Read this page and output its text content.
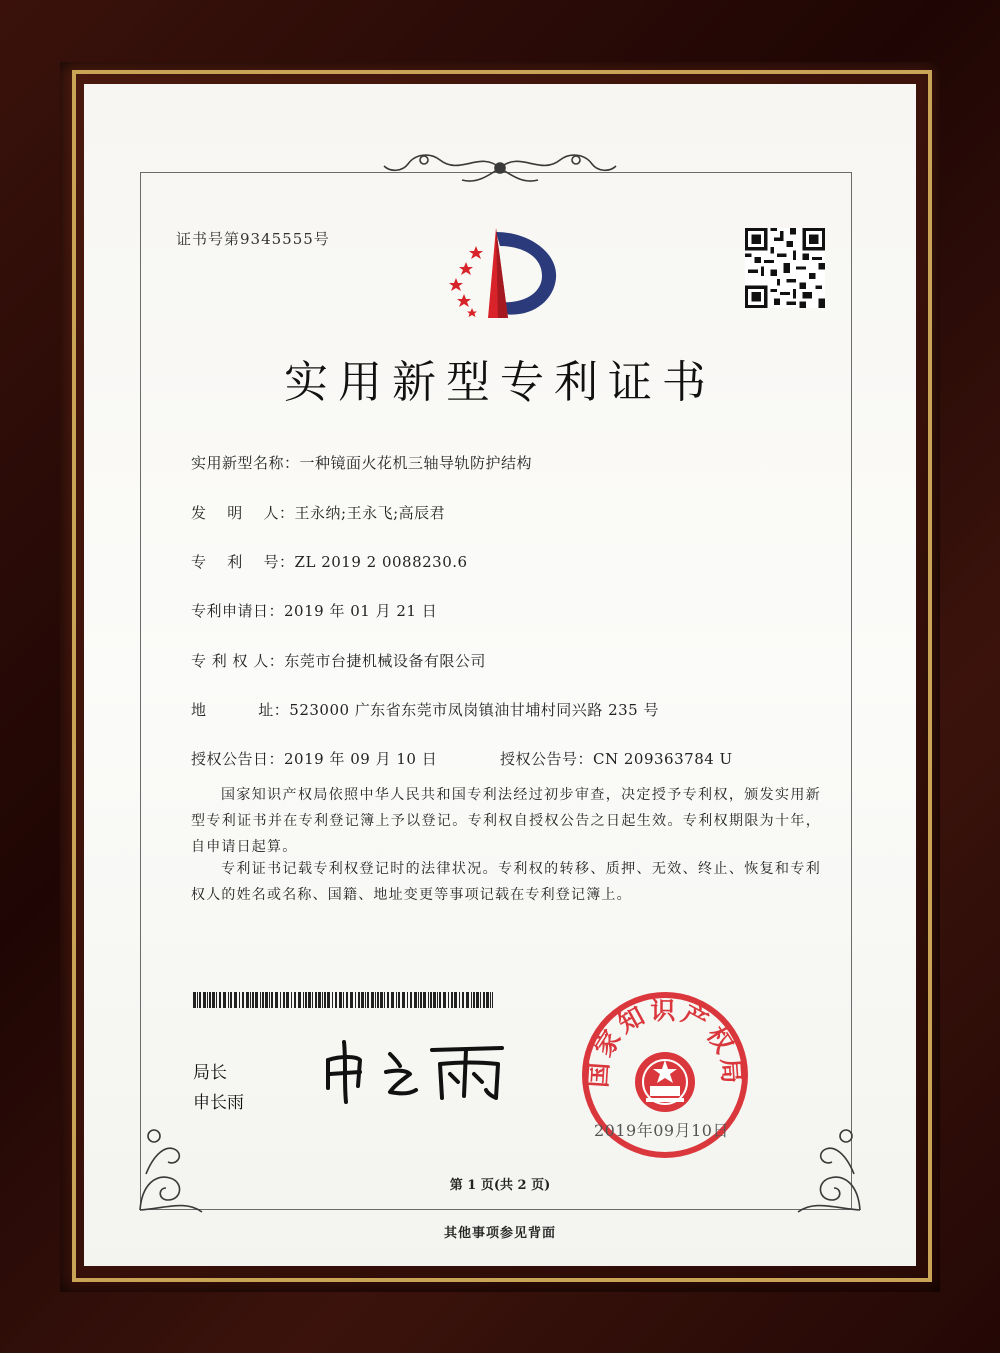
证书号第9345555号
实用新型专利证书
实用新型名称：一种镜面火花机三轴导轨防护结构
发　 明　 人：王永纳;王永飞;高辰君
专　 利　 号：ZL 2019 2 0088230.6
专利申请日：2019 年 01 月 21 日
专 利 权 人：东莞市台捷机械设备有限公司
地　　　 址：523000 广东省东莞市凤岗镇油甘埔村同兴路 235 号
授权公告日：2019 年 09 月 10 日	授权公告号：CN 209363784 U
国家知识产权局依照中华人民共和国专利法经过初步审查，决定授予专利权，颁发实用新型专利证书并在专利登记簿上予以登记。专利权自授权公告之日起生效。专利权期限为十年，自申请日起算。
专利证书记载专利权登记时的法律状况。专利权的转移、质押、无效、终止、恢复和专利权人的姓名或名称、国籍、地址变更等事项记载在专利登记簿上。
局长
申长雨
国家知识产权局
2019年09月10日
第 1 页(共 2 页)
其他事项参见背面
